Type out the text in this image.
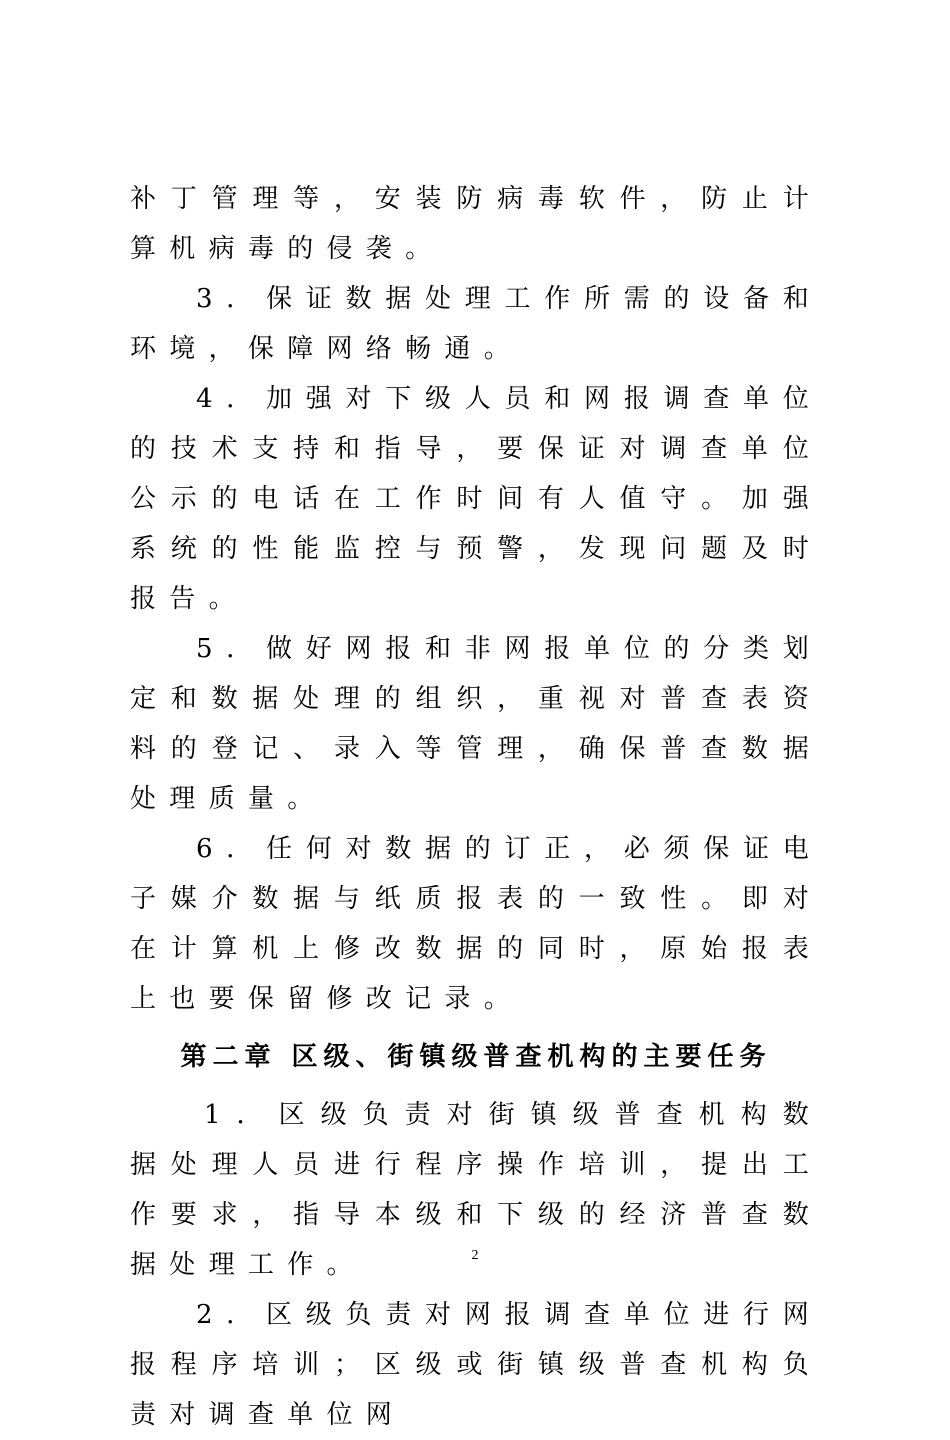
补丁管理等，安装防病毒软件，防止计算机病毒的侵袭。

3．保证数据处理工作所需的设备和环境，保障网络畅通。

4．加强对下级人员和网报调查单位的技术支持和指导，要保证对调查单位公示的电话在工作时间有人值守。加强系统的性能监控与预警，发现问题及时报告。

5．做好网报和非网报单位的分类划定和数据处理的组织，重视对普查表资料的登记、录入等管理，确保普查数据处理质量。

6．任何对数据的订正，必须保证电子媒介数据与纸质报表的一致性。即对在计算机上修改数据的同时，原始报表上也要保留修改记录。

第二章 区级、街镇级普查机构的主要任务

1．区级负责对街镇级普查机构数据处理人员进行程序操作培训，提出工作要求，指导本级和下级的经济普查数据处理工作。

2．区级负责对网报调查单位进行网报程序培训；区级或街镇级普查机构负责对调查单位网

2
